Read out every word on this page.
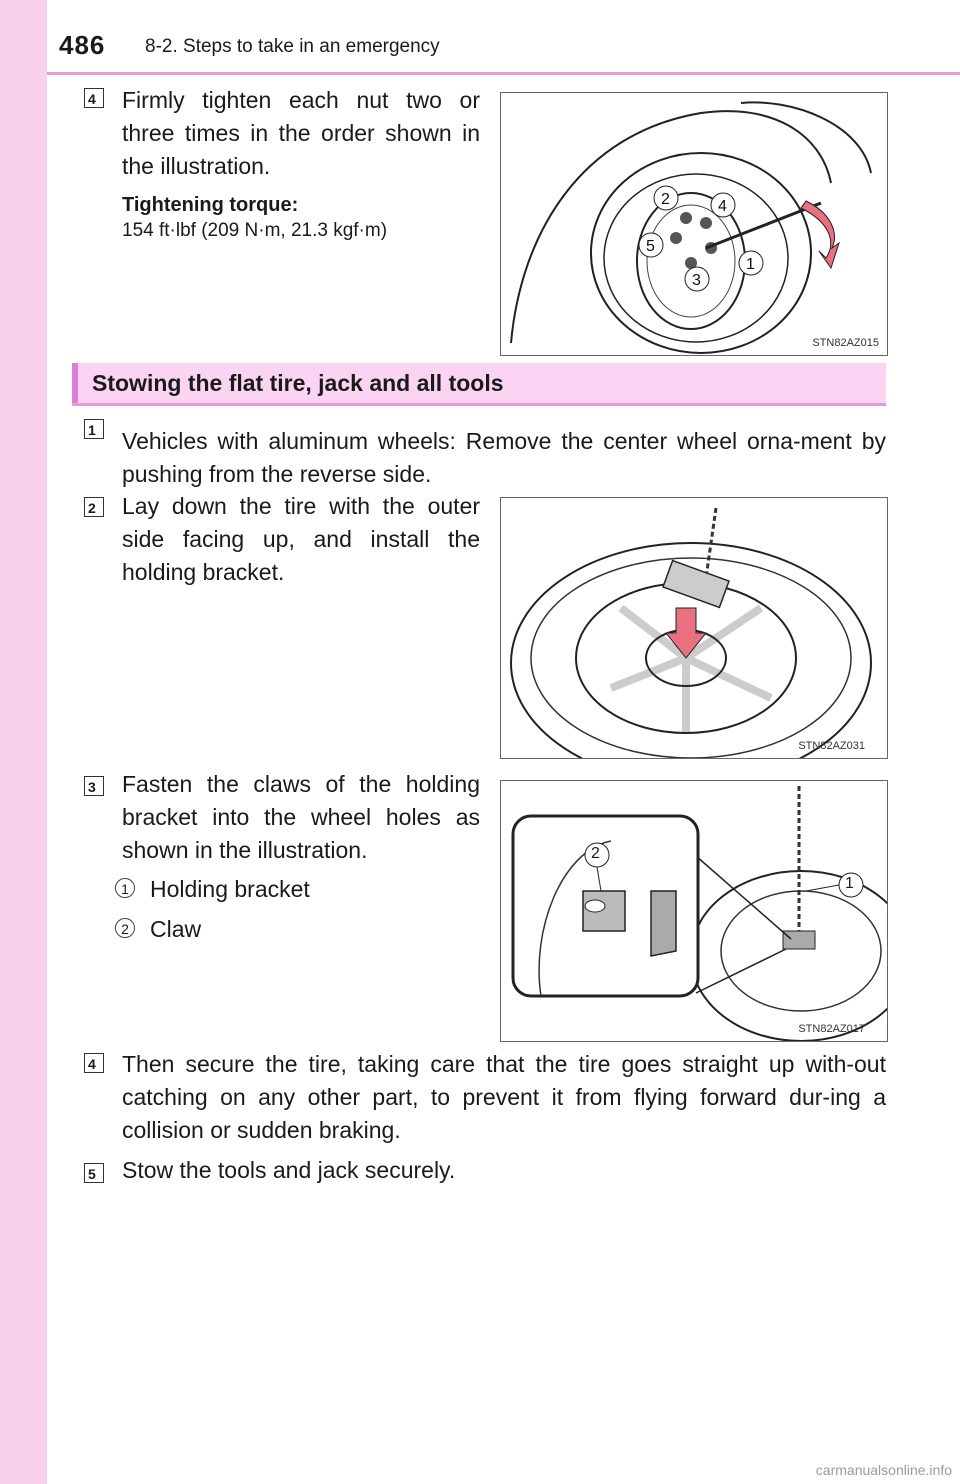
486 8-2. Steps to take in an emergency
4	Firmly tighten each nut two or three times in the order shown in the illustration.
Tightening torque:
154 ft·lbf (209 N·m, 21.3 kgf·m)
2	4
5
1
3
STN82AZ015
Stowing the flat tire, jack and all tools
1	Vehicles with aluminum wheels: Remove the center wheel orna-ment by pushing from the reverse side.
2	Lay down the tire with the outer side facing up, and install the holding bracket.
STN82AZ031
3	Fasten the claws of the holding bracket into the wheel holes as shown in the illustration.
1 Holding bracket
2 Claw
STN82AZ017
2
1
4	Then secure the tire, taking care that the tire goes straight up with-out catching on any other part, to prevent it from flying forward dur-ing a collision or sudden braking.
5	Stow the tools and jack securely.
carmanualsonline.info
